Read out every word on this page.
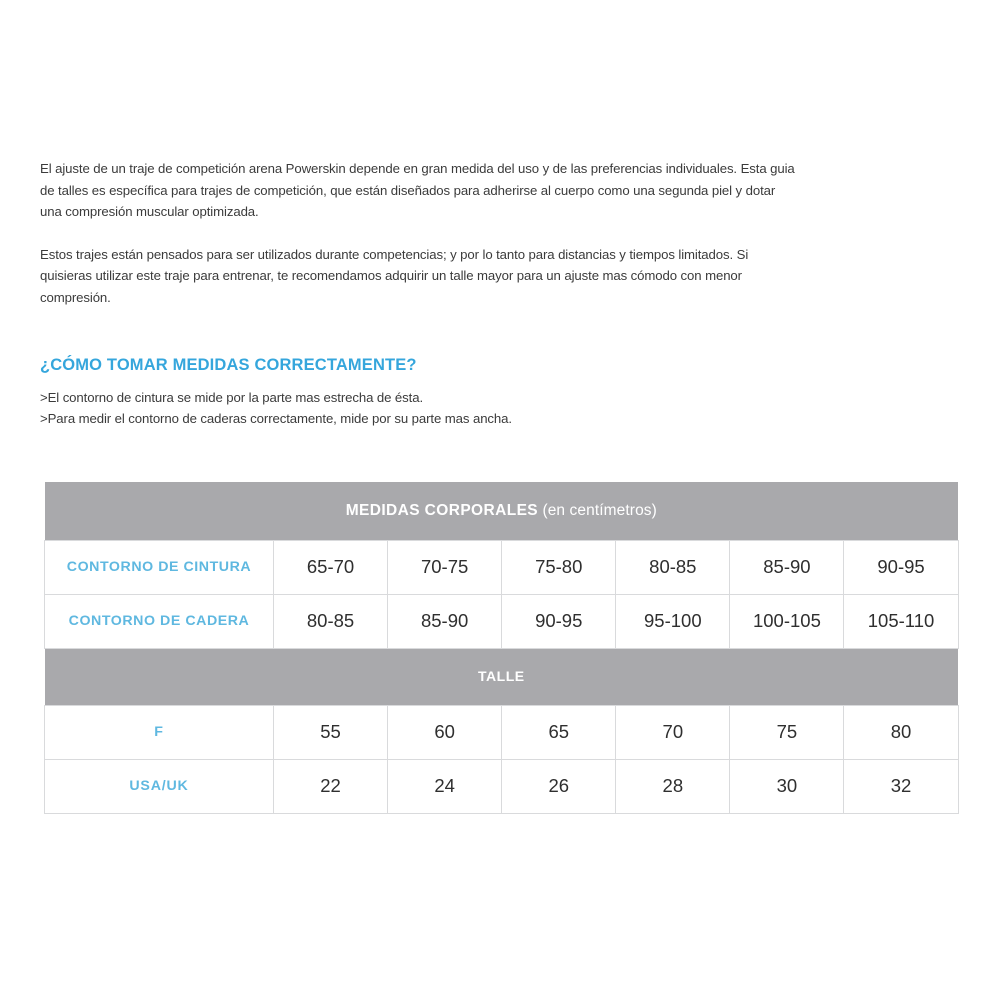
El ajuste de un traje de competición arena Powerskin depende en gran medida del uso y de las preferencias individuales. Esta guia de talles es específica para trajes de competición, que están diseñados para adherirse al cuerpo como una segunda piel y dotar una compresión muscular optimizada.

Estos trajes están pensados para ser utilizados durante competencias; y por lo tanto para distancias y tiempos limitados. Si quisieras utilizar este traje para entrenar, te recomendamos adquirir un talle mayor para un ajuste mas cómodo con menor compresión.

¿CÓMO TOMAR MEDIDAS CORRECTAMENTE?
>El contorno de cintura se mide por la parte mas estrecha de ésta.
>Para medir el contorno de caderas correctamente, mide por su parte mas ancha.
MEDIDAS CORPORALES (en centímetros)						
CONTORNO DE CINTURA	65-70	70-75	75-80	80-85	85-90	90-95
CONTORNO DE CADERA	80-85	85-90	90-95	95-100	100-105	105-110
TALLE						
F	55	60	65	70	75	80
USA/UK	22	24	26	28	30	32
